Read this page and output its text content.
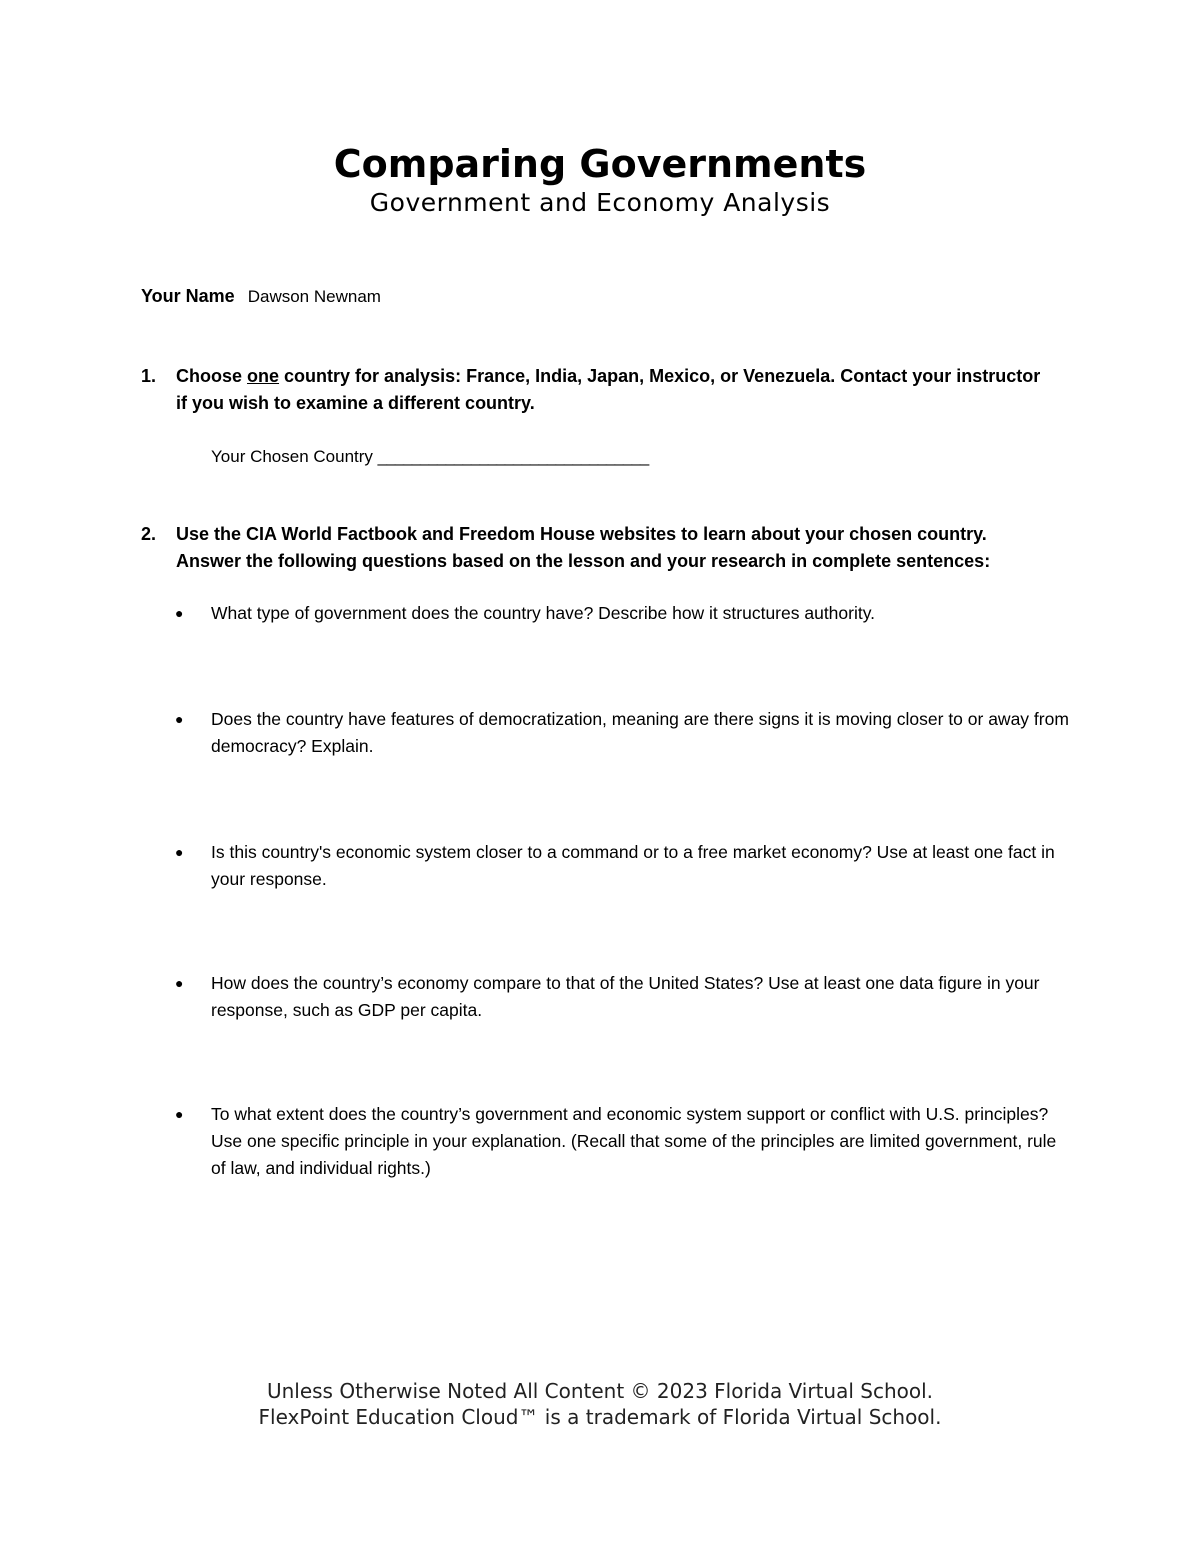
Comparing Governments
Government and Economy Analysis
Your Name Dawson Newnam
1. Choose one country for analysis: France, India, Japan, Mexico, or Venezuela. Contact your instructor if you wish to examine a different country.
Your Chosen Country ________________________________
2. Use the CIA World Factbook and Freedom House websites to learn about your chosen country. Answer the following questions based on the lesson and your research in complete sentences:
● What type of government does the country have? Describe how it structures authority.
● Does the country have features of democratization, meaning are there signs it is moving closer to or away from democracy? Explain.
● Is this country's economic system closer to a command or to a free market economy? Use at least one fact in your response.
● How does the country’s economy compare to that of the United States? Use at least one data figure in your response, such as GDP per capita.
● To what extent does the country’s government and economic system support or conflict with U.S. principles? Use one specific principle in your explanation. (Recall that some of the principles are limited government, rule of law, and individual rights.)
Unless Otherwise Noted All Content © 2023 Florida Virtual School.
FlexPoint Education Cloud™ is a trademark of Florida Virtual School.
